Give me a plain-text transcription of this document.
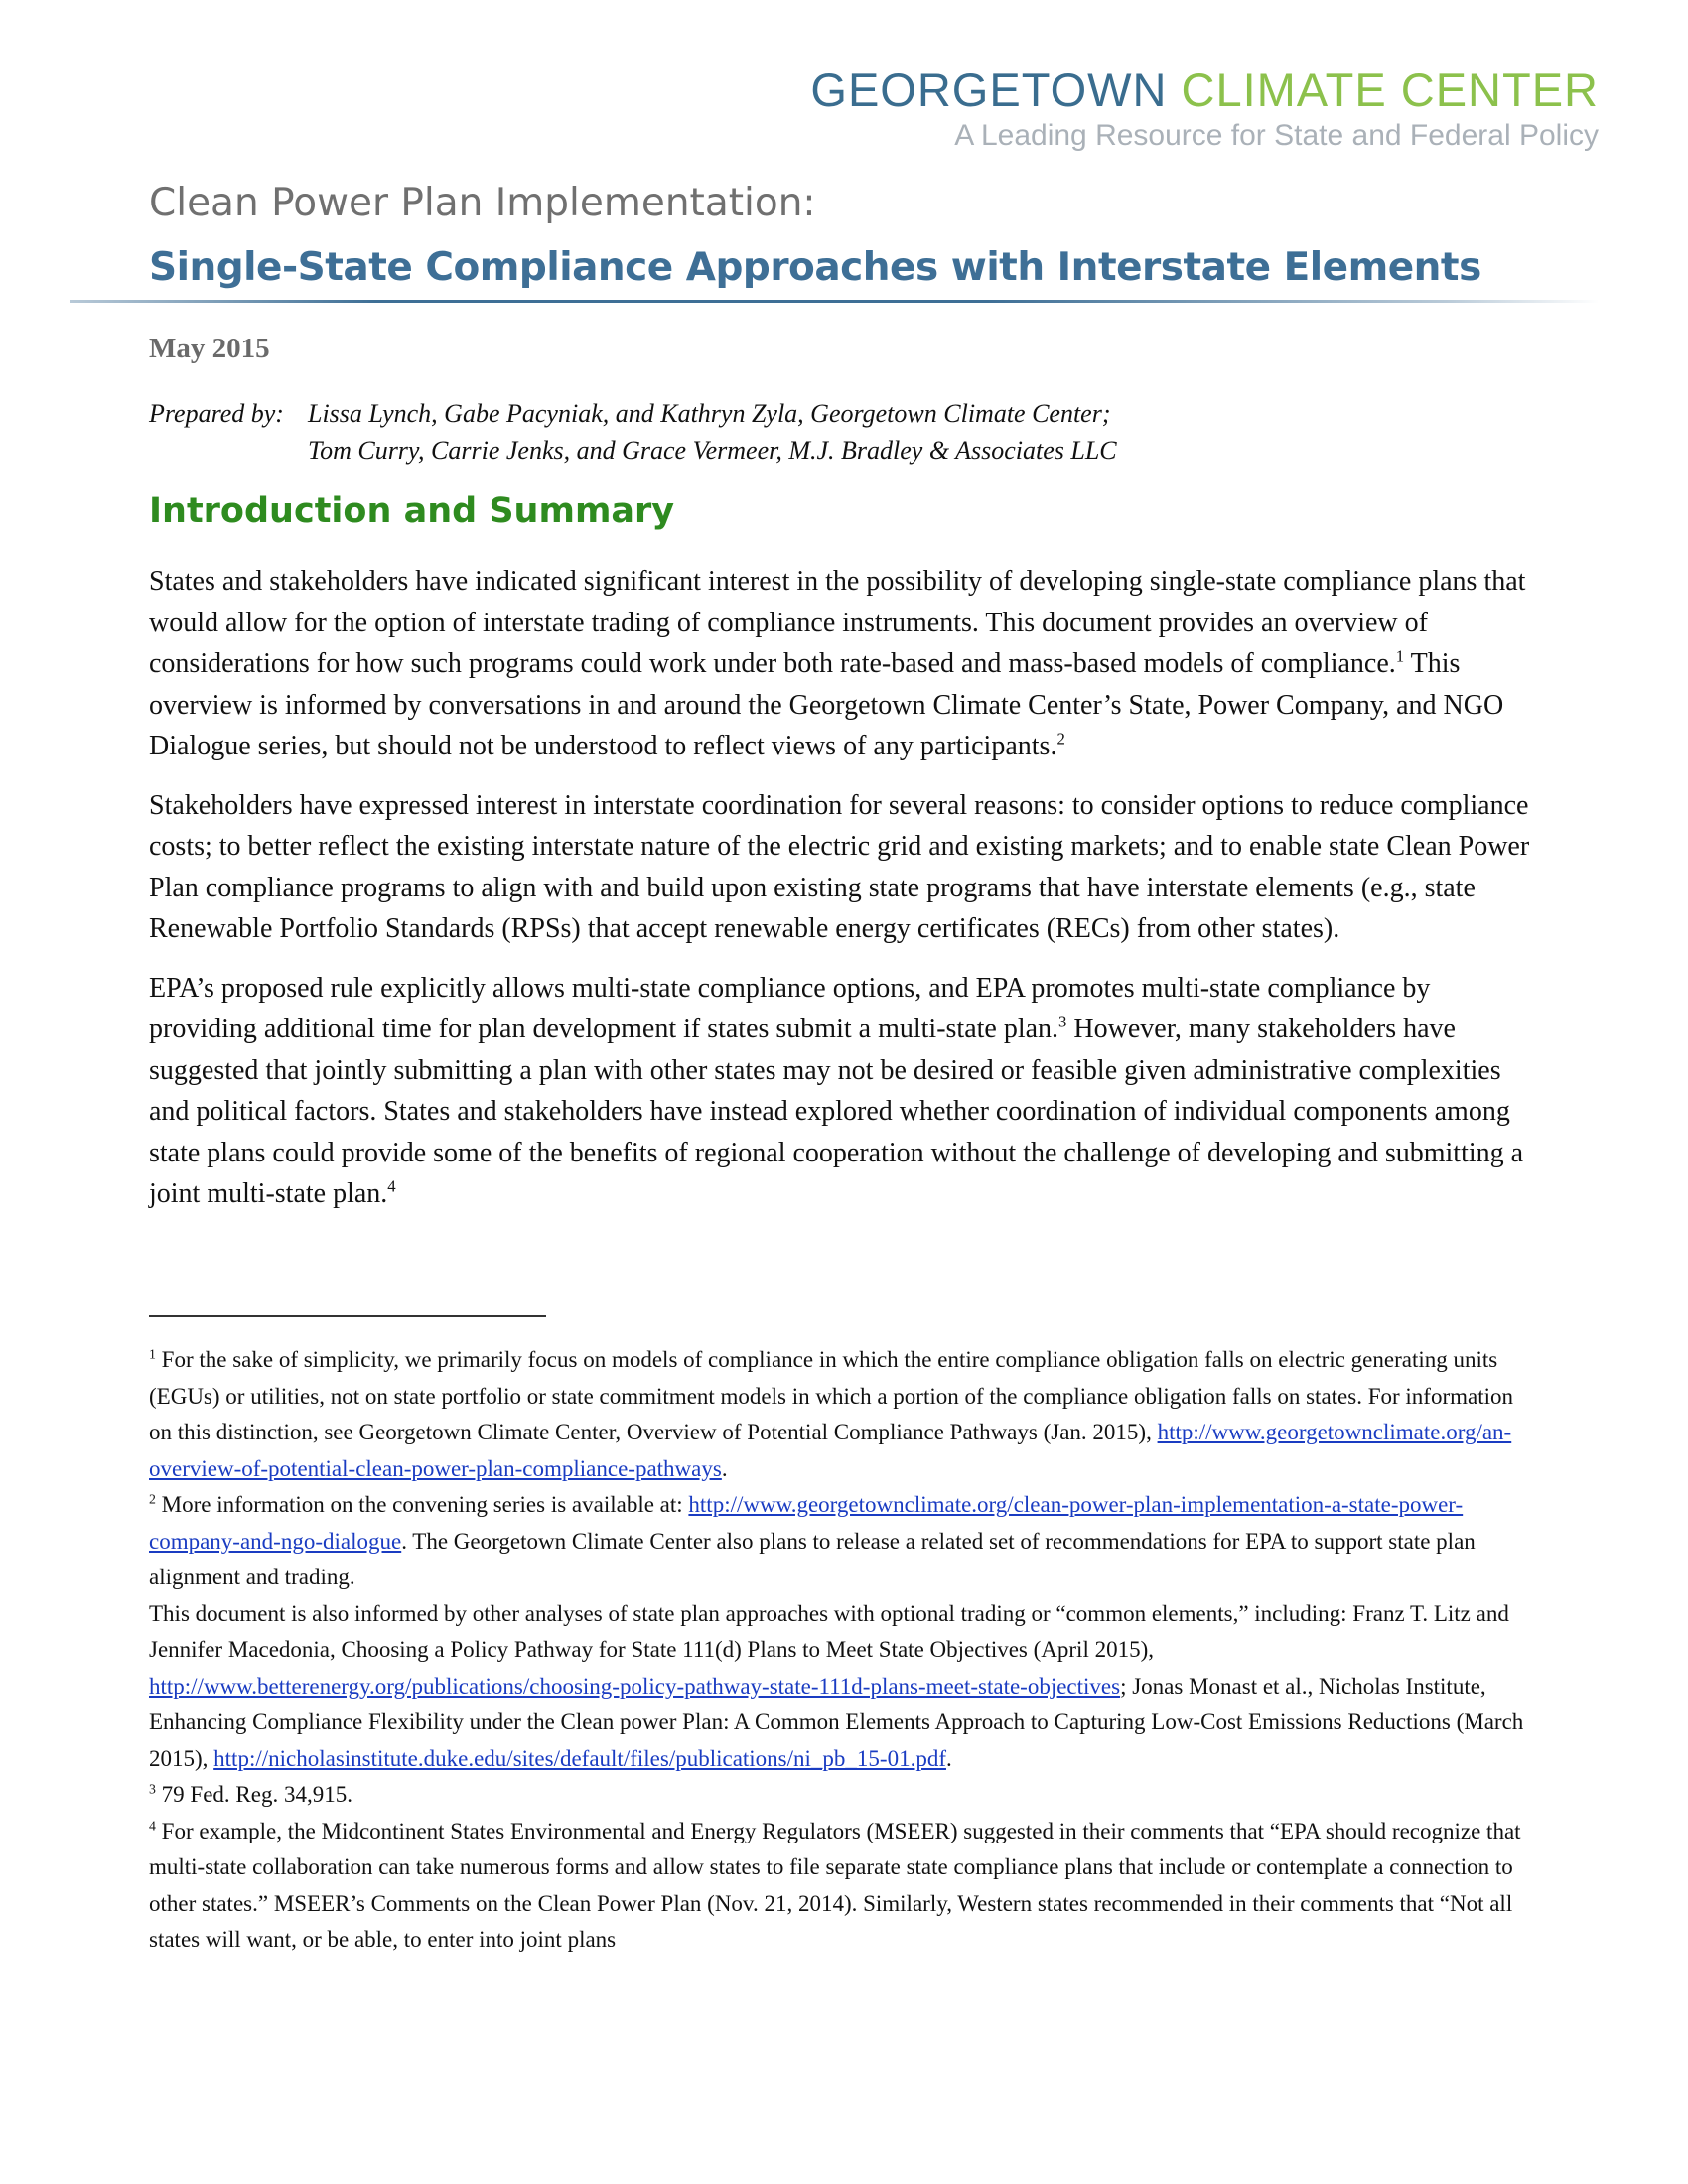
GEORGETOWN CLIMATE CENTER
A Leading Resource for State and Federal Policy
Clean Power Plan Implementation:
Single-State Compliance Approaches with Interstate Elements
May 2015
Prepared by: Lissa Lynch, Gabe Pacyniak, and Kathryn Zyla, Georgetown Climate Center;
Tom Curry, Carrie Jenks, and Grace Vermeer, M.J. Bradley & Associates LLC
Introduction and Summary

States and stakeholders have indicated significant interest in the possibility of developing single-state compliance plans that would allow for the option of interstate trading of compliance instruments. This document provides an overview of considerations for how such programs could work under both rate-based and mass-based models of compliance.$^1$ This overview is informed by conversations in and around the Georgetown Climate Center’s State, Power Company, and NGO Dialogue series, but should not be understood to reflect views of any participants.$^2$

Stakeholders have expressed interest in interstate coordination for several reasons: to consider options to reduce compliance costs; to better reflect the existing interstate nature of the electric grid and existing markets; and to enable state Clean Power Plan compliance programs to align with and build upon existing state programs that have interstate elements (e.g., state Renewable Portfolio Standards (RPSs) that accept renewable energy certificates (RECs) from other states).

EPA’s proposed rule explicitly allows multi-state compliance options, and EPA promotes multi-state compliance by providing additional time for plan development if states submit a multi-state plan.$^3$ However, many stakeholders have suggested that jointly submitting a plan with other states may not be desired or feasible given administrative complexities and political factors. States and stakeholders have instead explored whether coordination of individual components among state plans could provide some of the benefits of regional cooperation without the challenge of developing and submitting a joint multi-state plan.$^4$

$^1$ For the sake of simplicity, we primarily focus on models of compliance in which the entire compliance obligation falls on electric generating units (EGUs) or utilities, not on state portfolio or state commitment models in which a portion of the compliance obligation falls on states. For information on this distinction, see Georgetown Climate Center, Overview of Potential Compliance Pathways (Jan. 2015), http://www.georgetownclimate.org/an-overview-of-potential-clean-power-plan-compliance-pathways.

$^2$ More information on the convening series is available at: http://www.georgetownclimate.org/clean-power-plan-implementation-a-state-power-company-and-ngo-dialogue. The Georgetown Climate Center also plans to release a related set of recommendations for EPA to support state plan alignment and trading.

This document is also informed by other analyses of state plan approaches with optional trading or “common elements,” including: Franz T. Litz and Jennifer Macedonia, Choosing a Policy Pathway for State 111(d) Plans to Meet State Objectives (April 2015), http://www.betterenergy.org/publications/choosing-policy-pathway-state-111d-plans-meet-state-objectives; Jonas Monast et al., Nicholas Institute, Enhancing Compliance Flexibility under the Clean power Plan: A Common Elements Approach to Capturing Low-Cost Emissions Reductions (March 2015), http://nicholasinstitute.duke.edu/sites/default/files/publications/ni_pb_15-01.pdf.

$^3$ 79 Fed. Reg. 34,915.

$^4$ For example, the Midcontinent States Environmental and Energy Regulators (MSEER) suggested in their comments that “EPA should recognize that multi-state collaboration can take numerous forms and allow states to file separate state compliance plans that include or contemplate a connection to other states.” MSEER’s Comments on the Clean Power Plan (Nov. 21, 2014). Similarly, Western states recommended in their comments that “Not all states will want, or be able, to enter into joint plans
